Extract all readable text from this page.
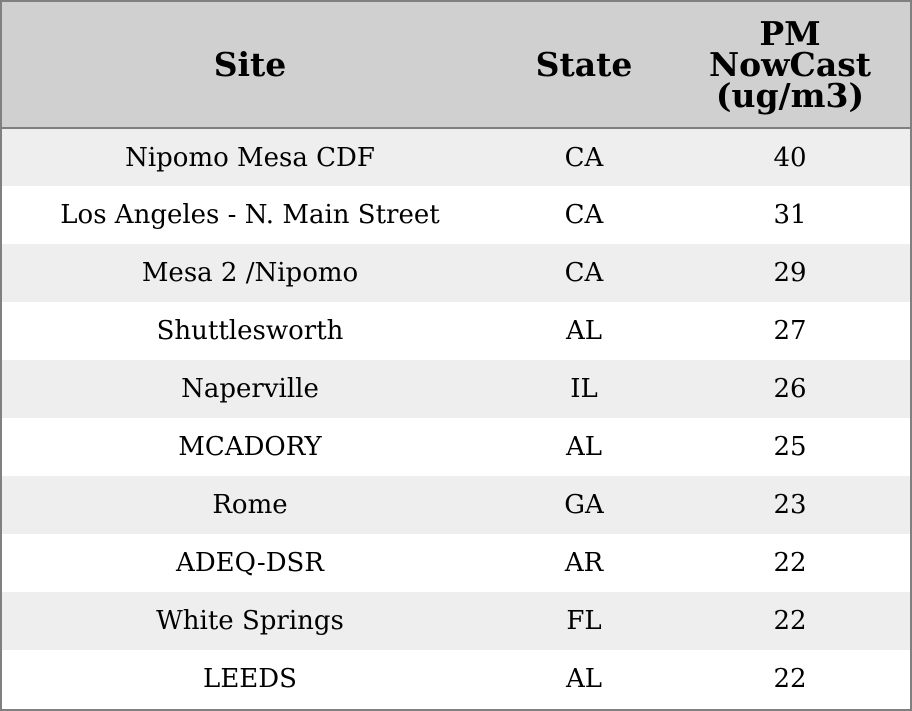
Site	State	PM
NowCast
(ug/m3)
Nipomo Mesa CDF	CA	40
Los Angeles - N. Main Street	CA	31
Mesa 2 /Nipomo	CA	29
Shuttlesworth	AL	27
Naperville	IL	26
MCADORY	AL	25
Rome	GA	23
ADEQ-DSR	AR	22
White Springs	FL	22
LEEDS	AL	22
